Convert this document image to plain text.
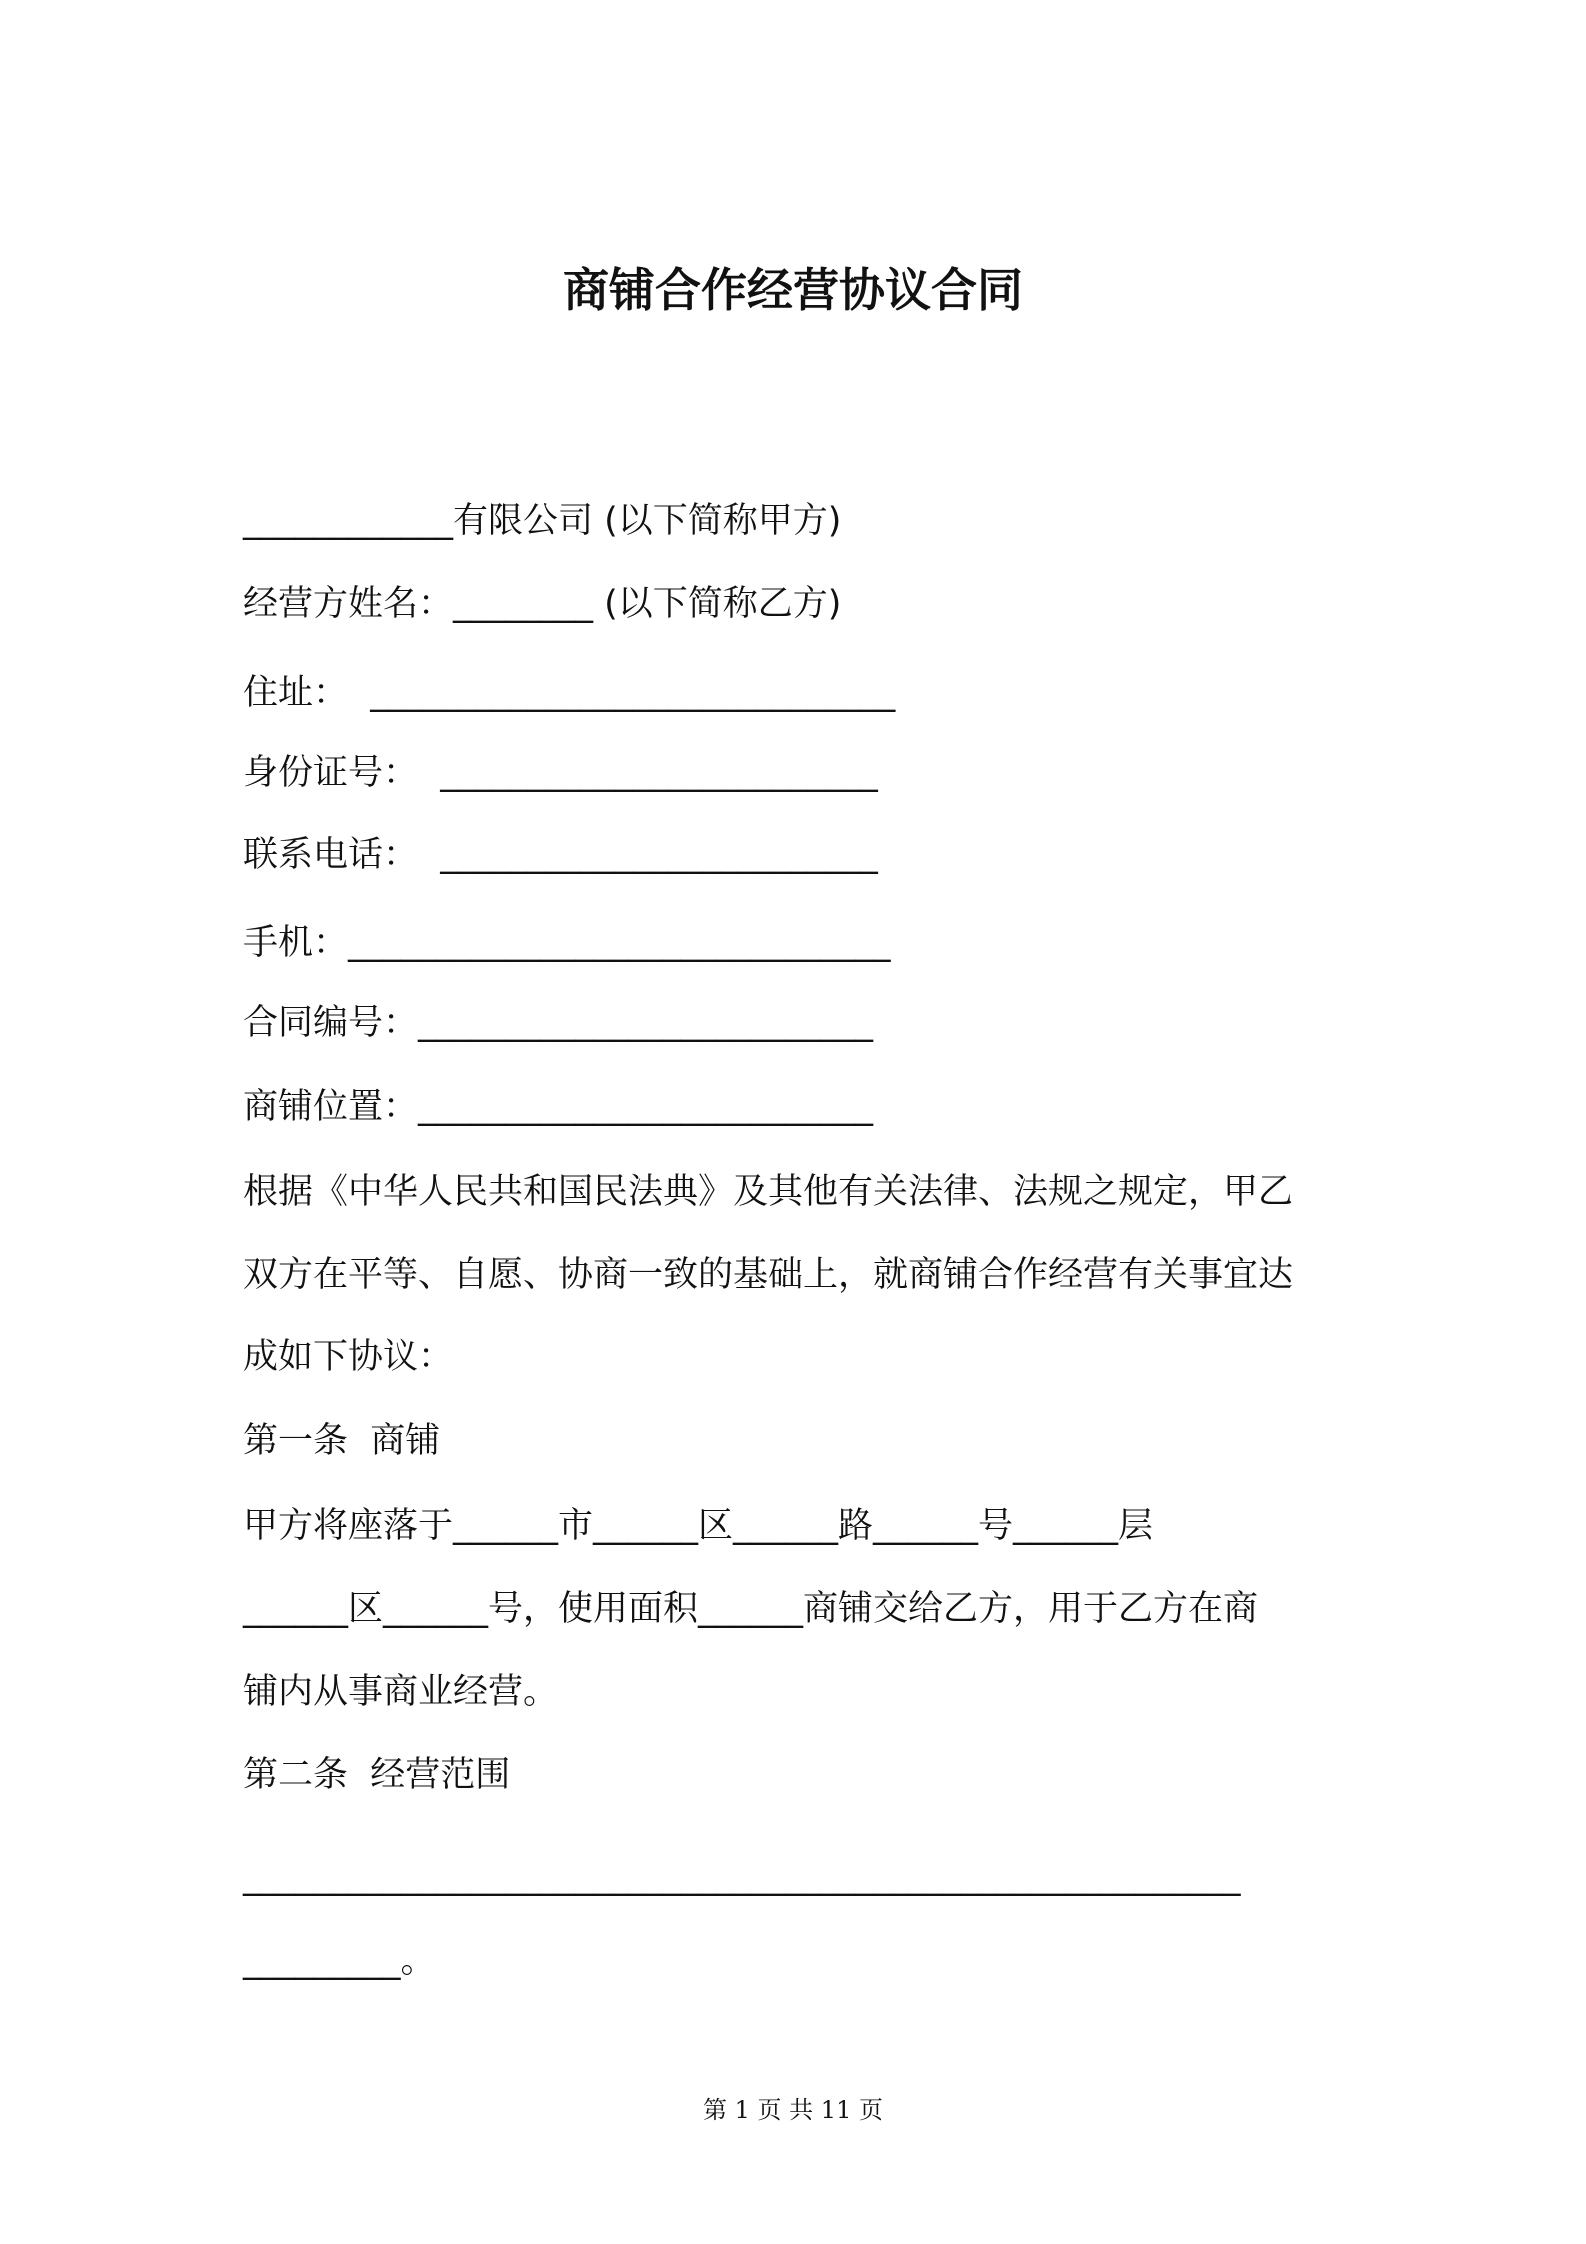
商铺合作经营协议合同
____________有限公司 (以下简称甲方)
经营方姓名：________ (以下简称乙方)
住址：  ______________________________
身份证号：  _________________________
联系电话：  _________________________
手机：_______________________________
合同编号：__________________________
商铺位置：__________________________
根据《中华人民共和国民法典》及其他有关法律、法规之规定，甲乙
双方在平等、自愿、协商一致的基础上，就商铺合作经营有关事宜达
成如下协议：
第一条  商铺
甲方将座落于______市______区______路______号______层
______区______号，使用面积______商铺交给乙方，用于乙方在商
铺内从事商业经营。
第二条  经营范围
_________________________________________________________
_________。
第 1 页 共 11 页
